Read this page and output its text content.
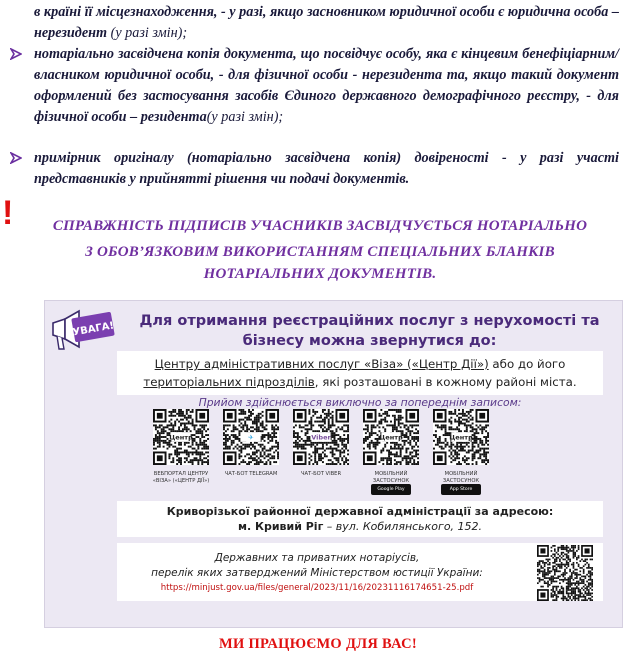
в країні її місцезнаходження, - у разі, якщо засновником юридичної особи є юридична особа – нерезидент (у разі змін);
нотаріально засвідчена копія документа, що посвідчує особу, яка є кінцевим бенефіціарним/ власником юридичної особи, - для фізичної особи - нерезидента та, якщо такий документ оформлений без застосування засобів Єдиного державного демографічного реєстру, - для фізичної особи – резидента(у разі змін);
примірник оригіналу (нотаріально засвідчена копія) довіреності - у разі участі представників у прийнятті рішення чи подачі документів.
!	СПРАВЖНІСТЬ ПІДПИСІВ УЧАСНИКІВ ЗАСВІДЧУЄТЬСЯ НОТАРІАЛЬНО
З ОБОВ’ЯЗКОВИМ ВИКОРИСТАННЯМ СПЕЦІАЛЬНИХ БЛАНКІВ
НОТАРІАЛЬНИХ ДОКУМЕНТІВ.
УВАГА!	Для отримання реєстраційних послуг з нерухомості та
бізнесу можна звернутися до:
Центру адміністративних послуг «Віза» («Центр Дії») або до його
територіальних підрозділів, які розташовані в кожному районі міста.
Прийом здійснюється виключно за попереднім записом:
Центр
ВЕБПОРТАЛ ЦЕНТРУ «ВІЗА» («ЦЕНТР ДІЇ»)
✈
ЧАТ-БОТ TELEGRAM
Viber
ЧАТ-БОТ VIBER
Центр
МОБІЛЬНИЙ ЗАСТОСУНОК
Google Play
Центр
МОБІЛЬНИЙ ЗАСТОСУНОК
App Store
Криворізької районної державної адміністрації за адресою:
м. Кривий Ріг – вул. Кобилянського, 152.
Державних та приватних нотаріусів,
перелік яких затверджений Міністерством юстиції України:
https://minjust.gov.ua/files/general/2023/11/16/20231116174651-25.pdf
МИ ПРАЦЮЄМО ДЛЯ ВАС!
